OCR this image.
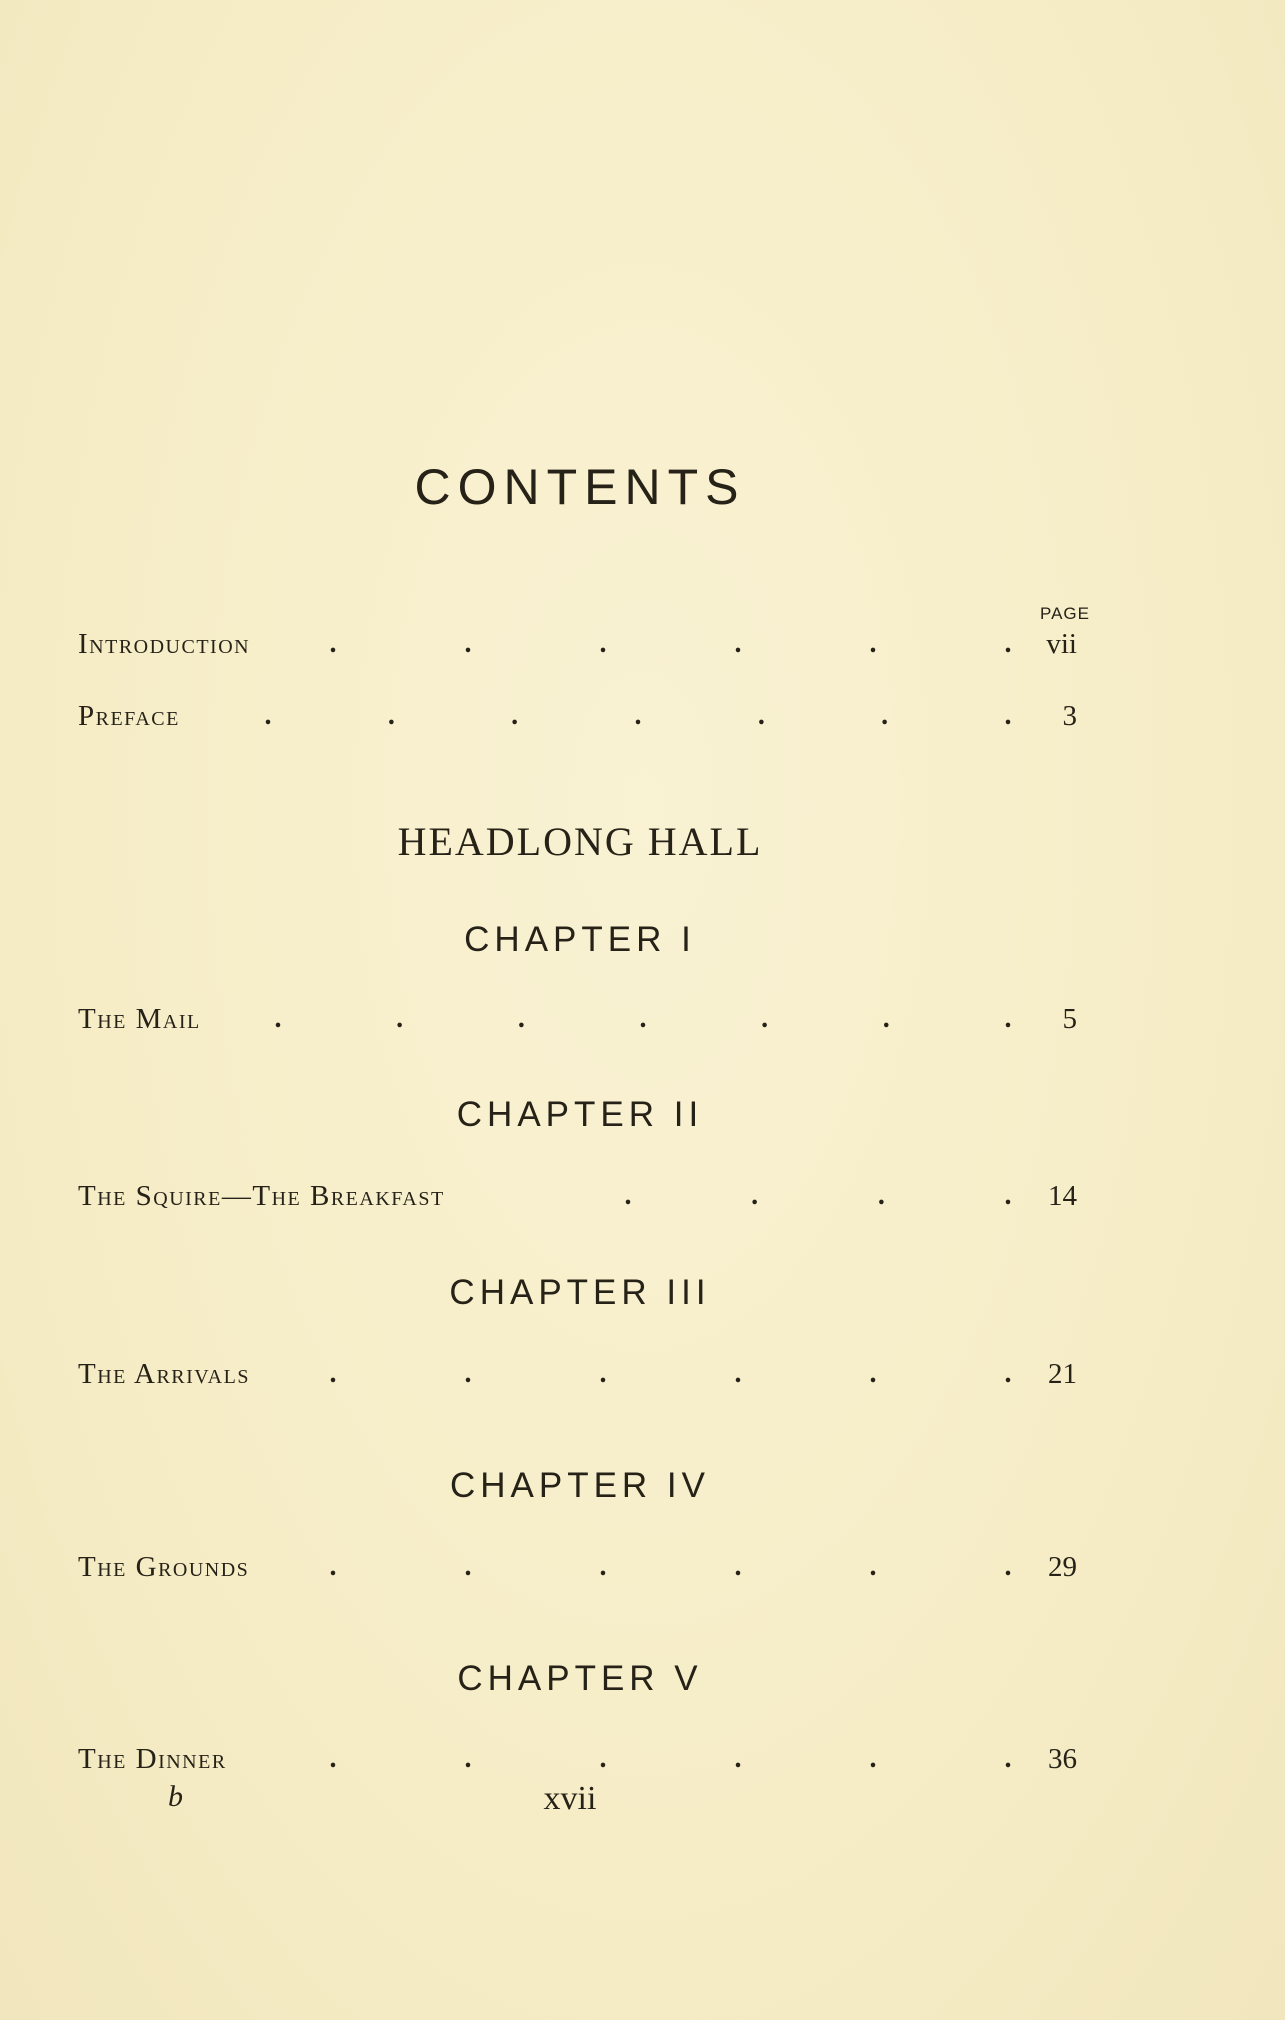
CONTENTS
PAGE
Introduction	.	.	.	.	.	.	vii
Preface	.	.	.	.	.	.	.	3
HEADLONG HALL
CHAPTER I
The Mail	.	.	.	.	.	.	.	5
CHAPTER II
The Squire—The Breakfast	.	.	.	.	14
CHAPTER III
The Arrivals	.	.	.	.	.	.	21
CHAPTER IV
The Grounds	.	.	.	.	.	.	29
CHAPTER V
The Dinner	.	.	.	.	.	.	36
b	xvii
